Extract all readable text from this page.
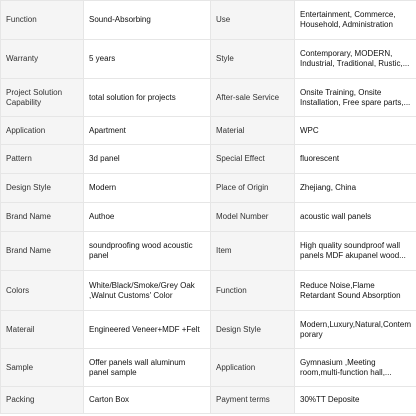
Function	Sound-Absorbing	Use	Entertainment, Commerce, Household, Administration

Warranty	5 years	Style	Contemporary, MODERN, Industrial, Traditional, Rustic,...

Project Solution Capability	total solution for projects	After-sale Service	Onsite Training, Onsite Installation, Free spare parts,...

Application	Apartment	Material	WPC
Pattern	3d panel	Special Effect	fluorescent
Design Style	Modern	Place of Origin	Zhejiang, China
Brand Name	Authoe	Model Number	acoustic wall panels
Brand Name	soundproofing wood acoustic panel	Item	High quality soundproof wall panels MDF akupanel wood...

Colors	White/Black/Smoke/Grey Oak ,Walnut Customs' Color	Function	Reduce Noise,Flame Retardant Sound Absorption

Materail	Engineered Veneer+MDF +Felt	Design Style	Modern,Luxury,Natural,Contemporary

Sample	Offer panels wall aluminum panel sample	Application	Gymnasium ,Meeting room,multi-function hall,...

Packing	Carton Box	Payment terms	30%TT Deposite
